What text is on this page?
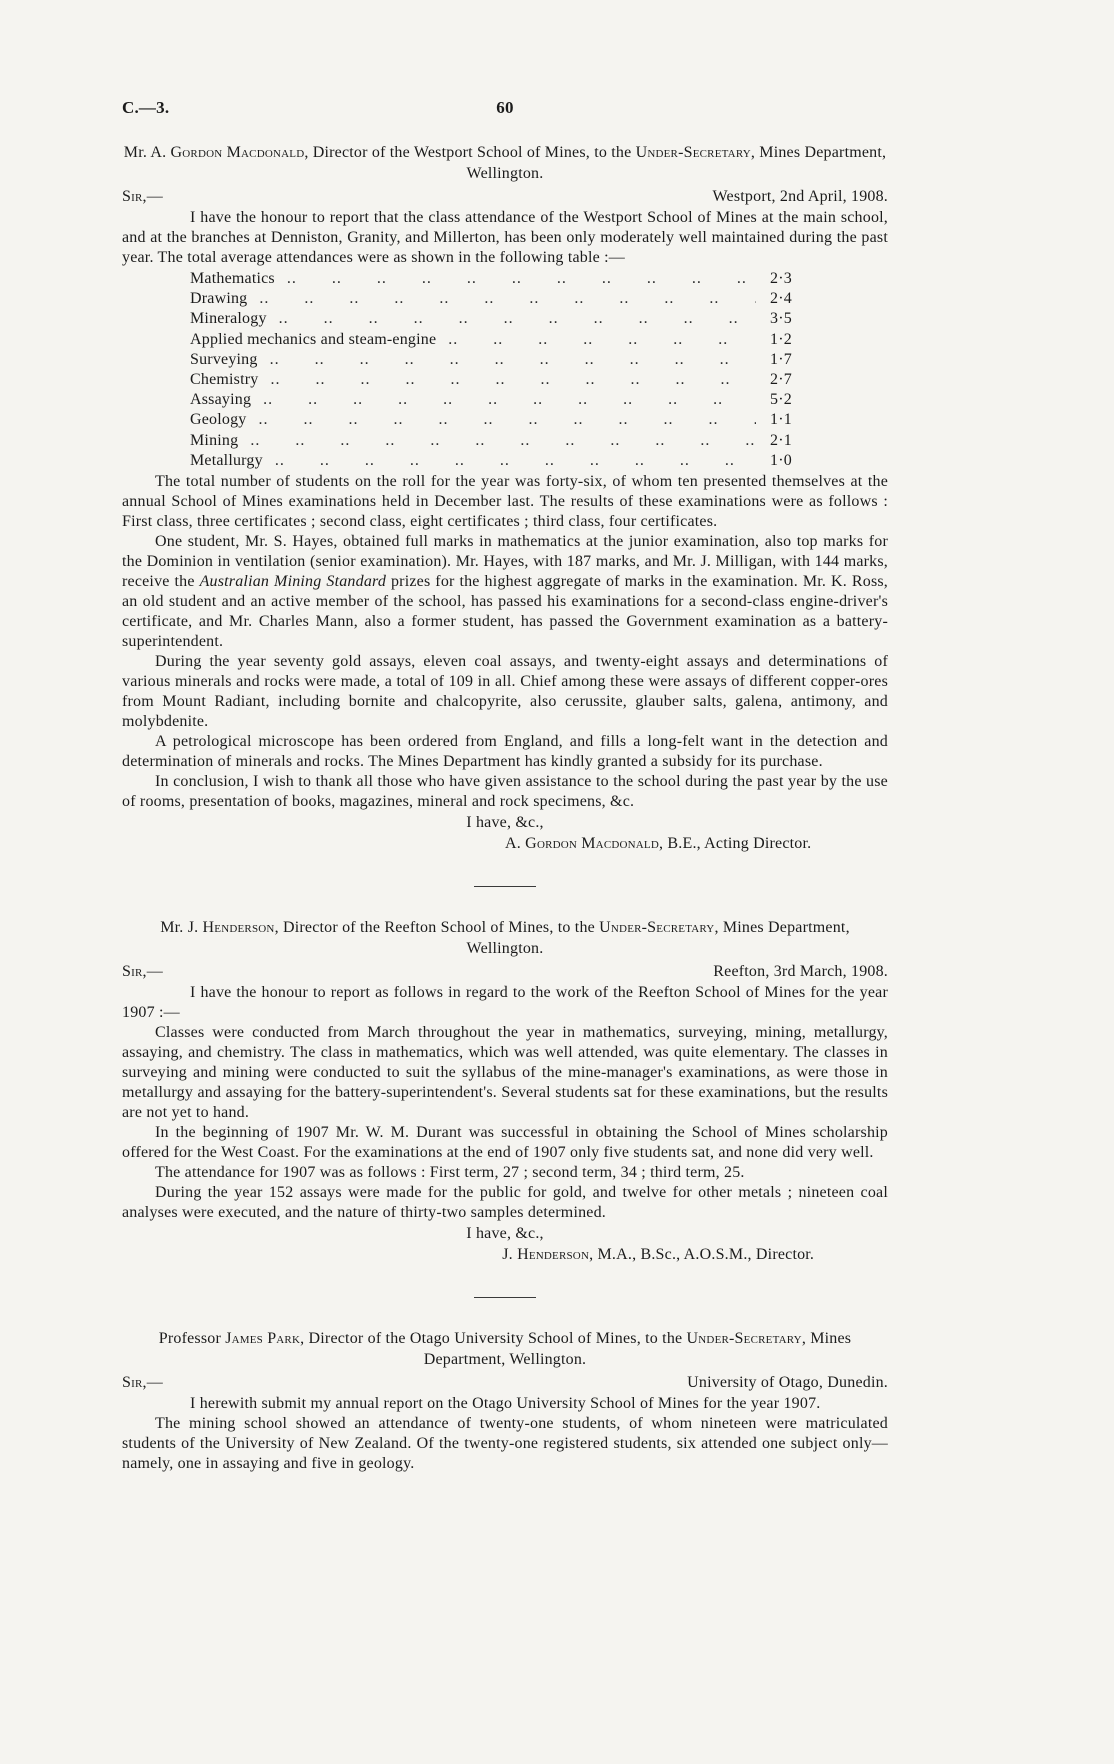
C.—3.	60
Mr. A. Gordon Macdonald, Director of the Westport School of Mines, to the Under-Secretary, Mines Department, Wellington.
Sir,—	Westport, 2nd April, 1908.

I have the honour to report that the class attendance of the Westport School of Mines at the main school, and at the branches at Denniston, Granity, and Millerton, has been only moderately well maintained during the past year. The total average attendances were as shown in the following table :—

Mathematics .. ..	2·3
Drawing .. ..	2·4
Mineralogy .. ..	3·5
Applied mechanics and steam-engine .. ..	1·2
Surveying .. ..	1·7
Chemistry .. ..	2·7
Assaying .. ..	5·2
Geology .. ..	1·1
Mining .. ..	2·1
Metallurgy .. ..	1·0

The total number of students on the roll for the year was forty-six, of whom ten presented themselves at the annual School of Mines examinations held in December last. The results of these examinations were as follows : First class, three certificates ; second class, eight certificates ; third class, four certificates.

One student, Mr. S. Hayes, obtained full marks in mathematics at the junior examination, also top marks for the Dominion in ventilation (senior examination). Mr. Hayes, with 187 marks, and Mr. J. Milligan, with 144 marks, receive the Australian Mining Standard prizes for the highest aggregate of marks in the examination. Mr. K. Ross, an old student and an active member of the school, has passed his examinations for a second-class engine-driver's certificate, and Mr. Charles Mann, also a former student, has passed the Government examination as a battery-superintendent.

During the year seventy gold assays, eleven coal assays, and twenty-eight assays and determinations of various minerals and rocks were made, a total of 109 in all. Chief among these were assays of different copper-ores from Mount Radiant, including bornite and chalcopyrite, also cerussite, glauber salts, galena, antimony, and molybdenite.

A petrological microscope has been ordered from England, and fills a long-felt want in the detection and determination of minerals and rocks. The Mines Department has kindly granted a subsidy for its purchase.

In conclusion, I wish to thank all those who have given assistance to the school during the past year by the use of rooms, presentation of books, magazines, mineral and rock specimens, &c.

I have, &c.,
A. Gordon Macdonald, B.E., Acting Director.
Mr. J. Henderson, Director of the Reefton School of Mines, to the Under-Secretary, Mines Department, Wellington.
Sir,—	Reefton, 3rd March, 1908.

I have the honour to report as follows in regard to the work of the Reefton School of Mines for the year 1907 :—

Classes were conducted from March throughout the year in mathematics, surveying, mining, metallurgy, assaying, and chemistry. The class in mathematics, which was well attended, was quite elementary. The classes in surveying and mining were conducted to suit the syllabus of the mine-manager's examinations, as were those in metallurgy and assaying for the battery-superintendent's. Several students sat for these examinations, but the results are not yet to hand.

In the beginning of 1907 Mr. W. M. Durant was successful in obtaining the School of Mines scholarship offered for the West Coast. For the examinations at the end of 1907 only five students sat, and none did very well.

The attendance for 1907 was as follows : First term, 27 ; second term, 34 ; third term, 25.

During the year 152 assays were made for the public for gold, and twelve for other metals ; nineteen coal analyses were executed, and the nature of thirty-two samples determined.

I have, &c.,
J. Henderson, M.A., B.Sc., A.O.S.M., Director.
Professor James Park, Director of the Otago University School of Mines, to the Under-Secretary, Mines Department, Wellington.
Sir,—	University of Otago, Dunedin.

I herewith submit my annual report on the Otago University School of Mines for the year 1907.

The mining school showed an attendance of twenty-one students, of whom nineteen were matriculated students of the University of New Zealand. Of the twenty-one registered students, six attended one subject only—namely, one in assaying and five in geology.
